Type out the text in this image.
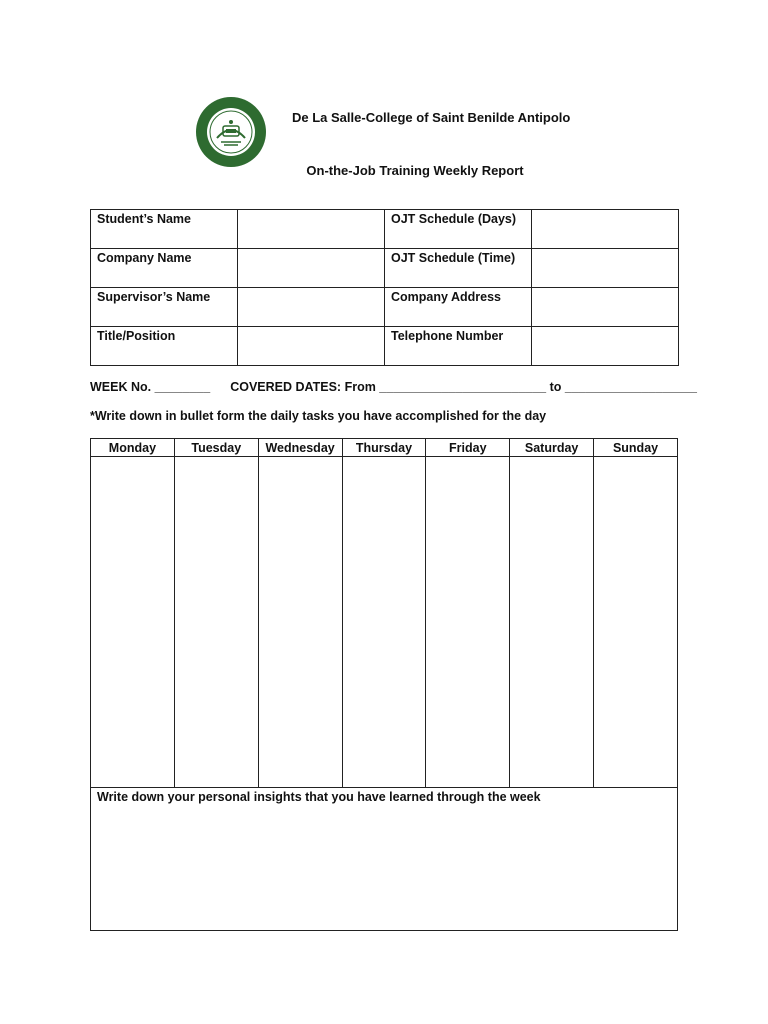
De La Salle-College of Saint Benilde Antipolo
On-the-Job Training Weekly Report
Student’s Name		OJT Schedule (Days)	
Company Name		OJT Schedule (Time)	
Supervisor’s Name		Company Address	
Title/Position		Telephone Number	
WEEK No. ________ COVERED DATES: From ________________________ to ___________________
*Write down in bullet form the daily tasks you have accomplished for the day
Monday	Tuesday	Wednesday	Thursday	Friday	Saturday	Sunday

Write down your personal insights that you have learned through the week						
